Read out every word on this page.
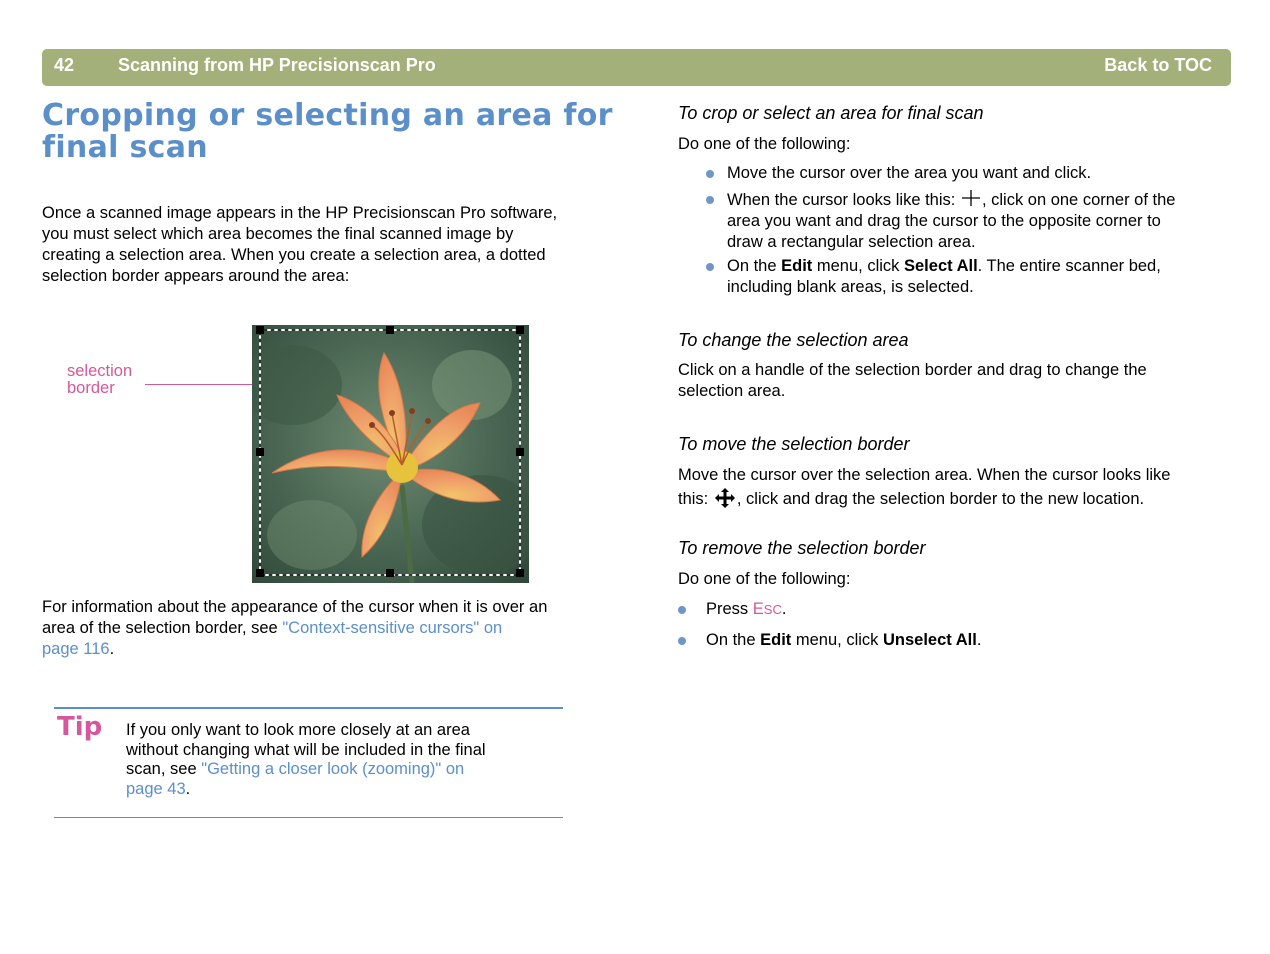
42 Scanning from HP Precisionscan Pro	Back to TOC
Cropping or selecting an area for
final scan
Once a scanned image appears in the HP Precisionscan Pro software,
you must select which area becomes the final scanned image by
creating a selection area. When you create a selection area, a dotted
selection border appears around the area:
selection
border
For information about the appearance of the cursor when it is over an
area of the selection border, see "Context-sensitive cursors" on
page 116.
Tip If you only want to look more closely at an area
without changing what will be included in the final
scan, see "Getting a closer look (zooming)" on
page 43.
To crop or select an area for final scan
Do one of the following:
Move the cursor over the area you want and click.
When the cursor looks like this: , click on one corner of the
area you want and drag the cursor to the opposite corner to
draw a rectangular selection area.
On the Edit menu, click Select All. The entire scanner bed,
including blank areas, is selected.
To change the selection area
Click on a handle of the selection border and drag to change the
selection area.
To move the selection border
Move the cursor over the selection area. When the cursor looks like
this: , click and drag the selection border to the new location.
To remove the selection border
Do one of the following:
Press ESC.
On the Edit menu, click Unselect All.
